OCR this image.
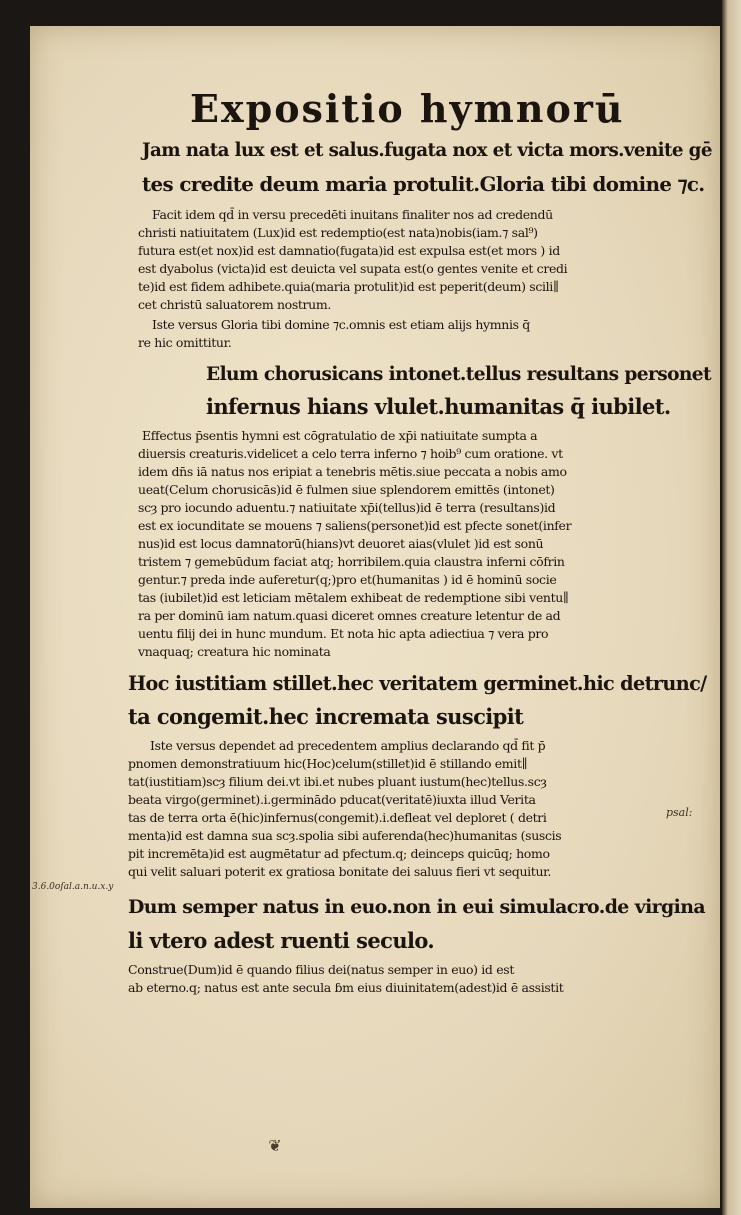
Expositio hymnorū
Jam nata lux est et salus.fugata nox et victa mors.venite gē
tes credite deum maria protulit.Gloria tibi domine ⁊c.
Facit idem qd̄ in versu precedēti inuitans finaliter nos ad credendū
christi natiuitatem (Lux)id est redemptio(est nata)nobis(iam.⁊ sal⁹)
futura est(et nox)id est damnatio(fugata)id est expulsa est(et mors ) id
est dyabolus (victa)id est deuicta vel supata est(o gentes venite et credi
te)id est fidem adhibete.quia(maria protulit)id est peperit(deum) scili∥
cet christū saluatorem nostrum.
Iste versus Gloria tibi domine ⁊c.omnis est etiam alijs hymnis q̄
re hic omittitur.
Elum chorusicans intonet.tellus resultans personet
infernus hians vlulet.humanitas q̄ iubilet.
Effectus p̄sentis hymni est cōgratulatio de xp̄i natiuitate sumpta a
diuersis creaturis.videlicet a celo terra inferno ⁊ hoib⁹ cum oratione. vt
idem dn̄s iā natus nos eripiat a tenebris mētis.siue peccata a nobis amo
ueat(Celum chorusicās)id ē fulmen siue splendorem emittēs (intonet)
scȝ pro iocundo aduentu.⁊ natiuitate xp̄i(tellus)id ē terra (resultans)id
est ex iocunditate se mouens ⁊ saliens(personet)id est pfecte sonet(infer
nus)id est locus damnatorū(hians)vt deuoret aias(vlulet )id est sonū
tristem ⁊ gemebūdum faciat atq; horribilem.quia claustra inferni cōfrin
gentur.⁊ preda inde auferetur(q;)pro et(humanitas ) id ē hominū socie
tas (iubilet)id est leticiam mētalem exhibeat de redemptione sibi ventu∥
ra per dominū iam natum.quasi diceret omnes creature letentur de ad
uentu filij dei in hunc mundum. Et nota hic apta adiectiua ⁊ vera pro
vnaquaq; creatura hic nominata
Hoc iustitiam stillet.hec veritatem germinet.hic detrunc/
ta congemit.hec incremata suscipit
Iste versus dependet ad precedentem amplius declarando qd̄ fit p̄
pnomen demonstratiuum hic(Hoc)celum(stillet)id ē stillando emit∥
tat(iustitiam)scȝ filium dei.vt ibi.et nubes pluant iustum(hec)tellus.scȝ
beata virgo(germinet).i.germinādo pducat(veritatē)iuxta illud Verita
tas de terra orta ē(hic)infernus(congemit).i.defleat vel deploret ( detri
menta)id est damna sua scȝ.spolia sibi auferenda(hec)humanitas (suscis
pit incremēta)id est augmētatur ad pfectum.q; deinceps quicūq; homo
qui velit saluari poterit ex gratiosa bonitate dei saluus fieri vt sequitur.
Dum semper natus in euo.non in eui simulacro.de virgina
li vtero adest ruenti seculo.
Construe(Dum)id ē quando filius dei(natus semper in euo) id est
ab eterno.q; natus est ante secula ɓm eius diuinitatem(adest)id ē assistit
psal:
3.6.0oſal.a.n.u.x.y
❦
